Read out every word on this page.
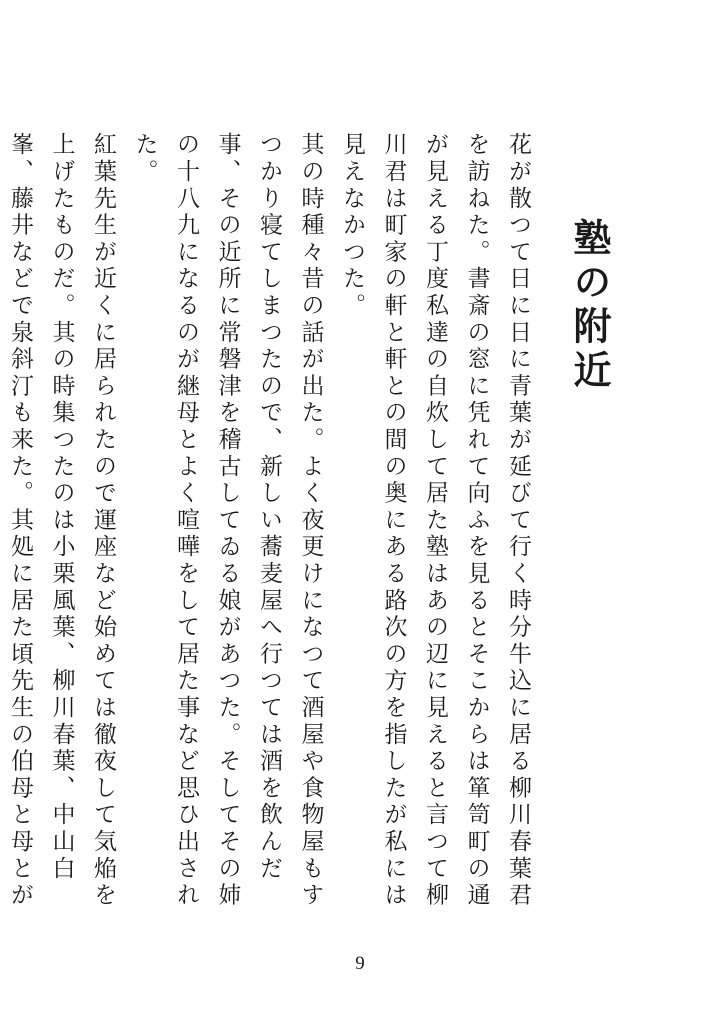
塾の附近

花が散つて日に日に青葉が延びて行く時分牛込に居る柳川春葉君を訪ねた。書斎の窓に凭れて向ふを見るとそこからは箪笥町の通が見える丁度私達の自炊して居た塾はあの辺に見えると言つて柳川君は町家の軒と軒との間の奥にある路次の方を指したが私には見えなかつた。

其の時種々昔の話が出た。よく夜更けになつて酒屋や食物屋もすつかり寝てしまつたので、新しい蕎麦屋へ行つては酒を飲んだ事、その近所に常磐津を稽古してゐる娘があつた。そしてその姉の十八九になるのが継母とよく喧嘩をして居た事など思ひ出された。

紅葉先生が近くに居られたので運座など始めては徹夜して気焔を上げたものだ。其の時集つたのは小栗風葉、柳川春葉、中山白峯、藤井などで泉斜汀も来た。其処に居た頃先生の伯母と母とが

9
